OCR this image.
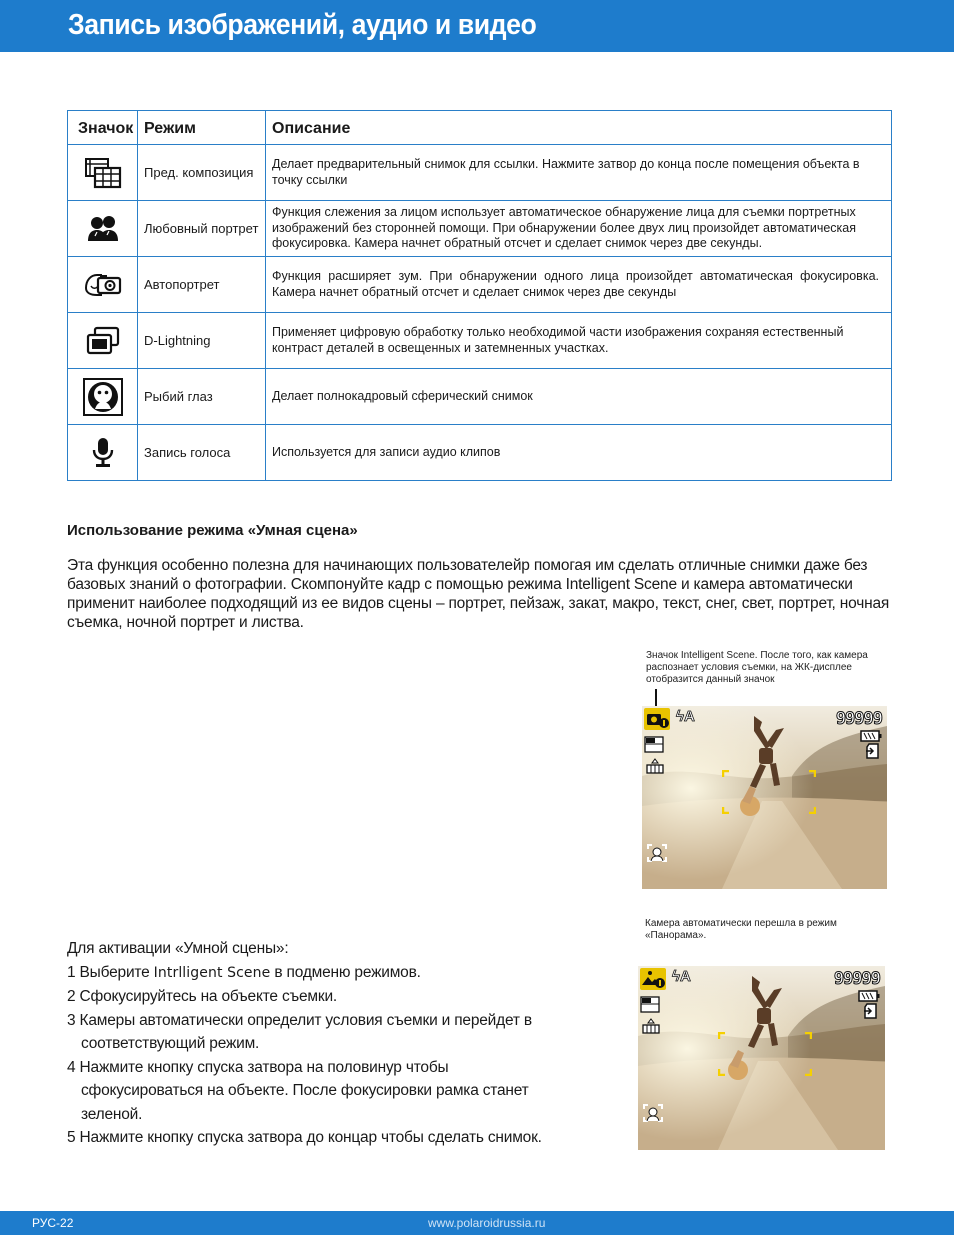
Запись изображений, аудио и видео
Значок	Режим	Описание
	Пред. композиция	Делает предварительный снимок для ссылки. Нажмите затвор до конца после помещения объекта в точку ссылки
	Любовный портрет	Функция слежения за лицом использует автоматическое обнаружение лица для съемки портретных изображений без сторонней помощи. При обнаружении более двух лиц произойдет автоматическая фокусировка. Камера начнет обратный отсчет и сделает снимок через две секунды.
	Автопортрет	Функция расширяет зум. При обнаружении одного лица произойдет автоматическая фокусировка. Камера начнет обратный отсчет и сделает снимок через две секунды
	D-Lightning	Применяет цифровую обработку только необходимой части изображения сохраняя естественный контраст деталей в освещенных и затемненных участках.
	Рыбий глаз	Делает полнокадровый сферический снимок
	Запись голоса	Используется для записи аудио клипов
Использование режима «Умная сцена»
Эта функция особенно полезна для начинающих пользователейр помогая им сделать отличные снимки даже без базовых знаний о фотографии. Скомпонуйте кадр с помощью режима Intelligent Scene и камера автоматически применит наиболее подходящий из ее видов сцены – портрет, пейзаж, закат, макро, текст, снег, свет, портрет, ночная съемка, ночной портрет и листва.
Значок Intelligent Scene. После того, как камера распознает условия съемки, на ЖК-дисплее отобразится данный значок
ϟA	99999
Камера автоматически перешла в режим «Панорама».
ϟA	99999
Для активации «Умной сцены»:
1 Выберите Intrlligent Scene в подменю режимов.
2 Сфокусируйтесь на объекте съемки.
3 Камеры автоматически определит условия съемки и перейдет в
соответствующий режим.
4 Нажмите кнопку спуска затвора на половинур чтобы
сфокусироваться на объекте. После фокусировки рамка станет
зеленой.
5 Нажмите кнопку спуска затвора до концар чтобы сделать снимок.
РУС-22	www.polaroidrussia.ru
